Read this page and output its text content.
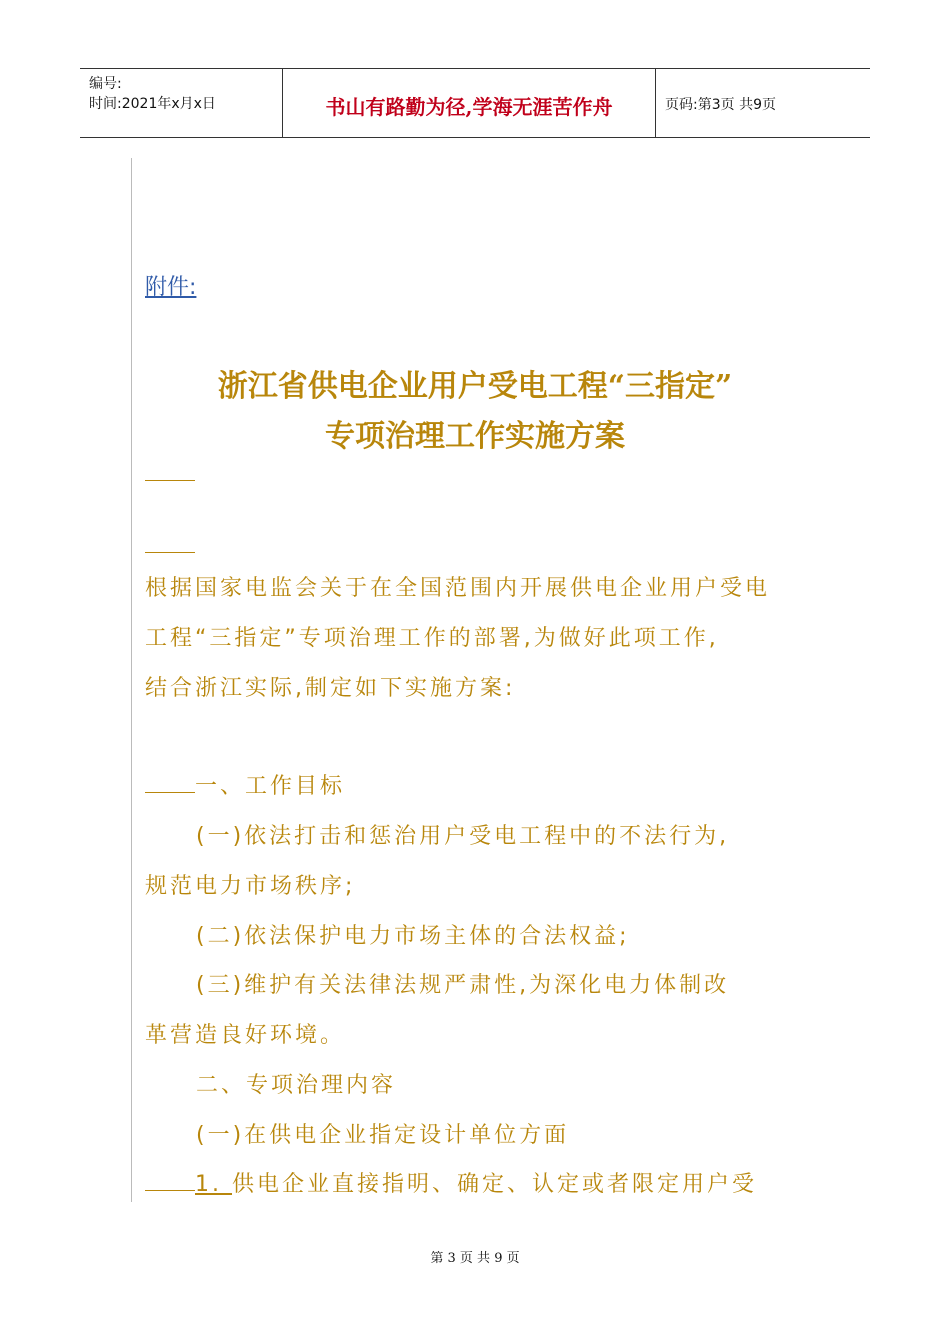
编号:
时间:2021年x月x日	书山有路勤为径,学海无涯苦作舟	页码:第3页 共9页
附件:
浙江省供电企业用户受电工程“三指定”
专项治理工作实施方案
根据国家电监会关于在全国范围内开展供电企业用户受电
工程“三指定”专项治理工作的部署,为做好此项工作,
结合浙江实际,制定如下实施方案:
一、工作目标
(一)依法打击和惩治用户受电工程中的不法行为,
规范电力市场秩序;
(二)依法保护电力市场主体的合法权益;
(三)维护有关法律法规严肃性,为深化电力体制改
革营造良好环境。
二、专项治理内容
(一)在供电企业指定设计单位方面
1. 供电企业直接指明、确定、认定或者限定用户受
第 3 页 共 9 页
